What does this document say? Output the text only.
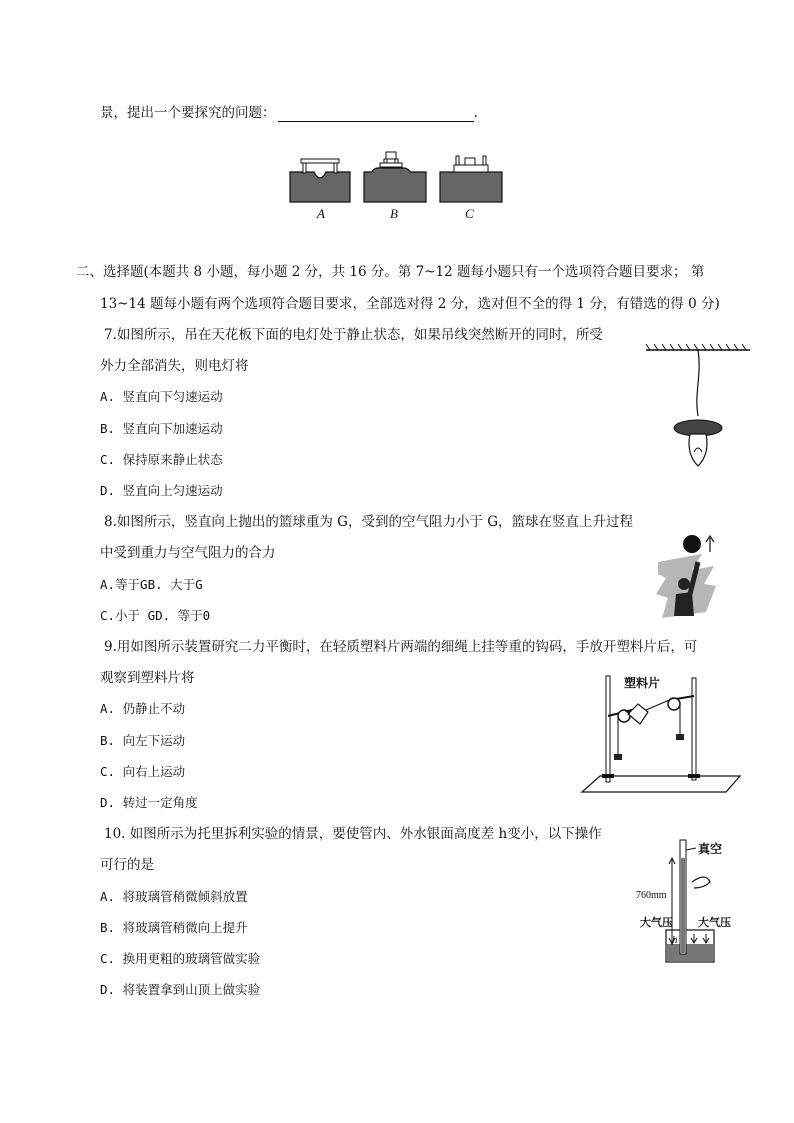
景，提出一个要探究的问题：	.
A	B	C
二、选择题(本题共 8 小题，每小题 2 分，共 16 分。第 7~12 题每小题只有一个选项符合题目要求； 第
13~14 题每小题有两个选项符合题目要求，全部选对得 2 分，选对但不全的得 1 分，有错选的得 0 分)
7.如图所示，吊在天花板下面的电灯处于静止状态，如果吊线突然断开的同时，所受
外力全部消失，则电灯将
A. 竖直向下匀速运动
B. 竖直向下加速运动
C. 保持原来静止状态
D. 竖直向上匀速运动
8.如图所示，竖直向上抛出的篮球重为 G，受到的空气阻力小于 G，篮球在竖直上升过程
中受到重力与空气阻力的合力
A.等于GB. 大于G
C.小于 GD. 等于0
9.用如图所示装置研究二力平衡时，在轻质塑料片两端的细绳上挂等重的钩码，手放开塑料片后，可
观察到塑料片将
A. 仍静止不动
B. 向左下运动
C. 向右上运动
D. 转过一定角度
塑料片
10. 如图所示为托里拆利实验的情景，要使管内、外水银面高度差 h变小，以下操作
可行的是
A. 将玻璃管稍微倾斜放置
B. 将玻璃管稍微向上提升
C. 换用更粗的玻璃管做实验
D. 将装置拿到山顶上做实验
真空
760mm
大气压 大气压
h
